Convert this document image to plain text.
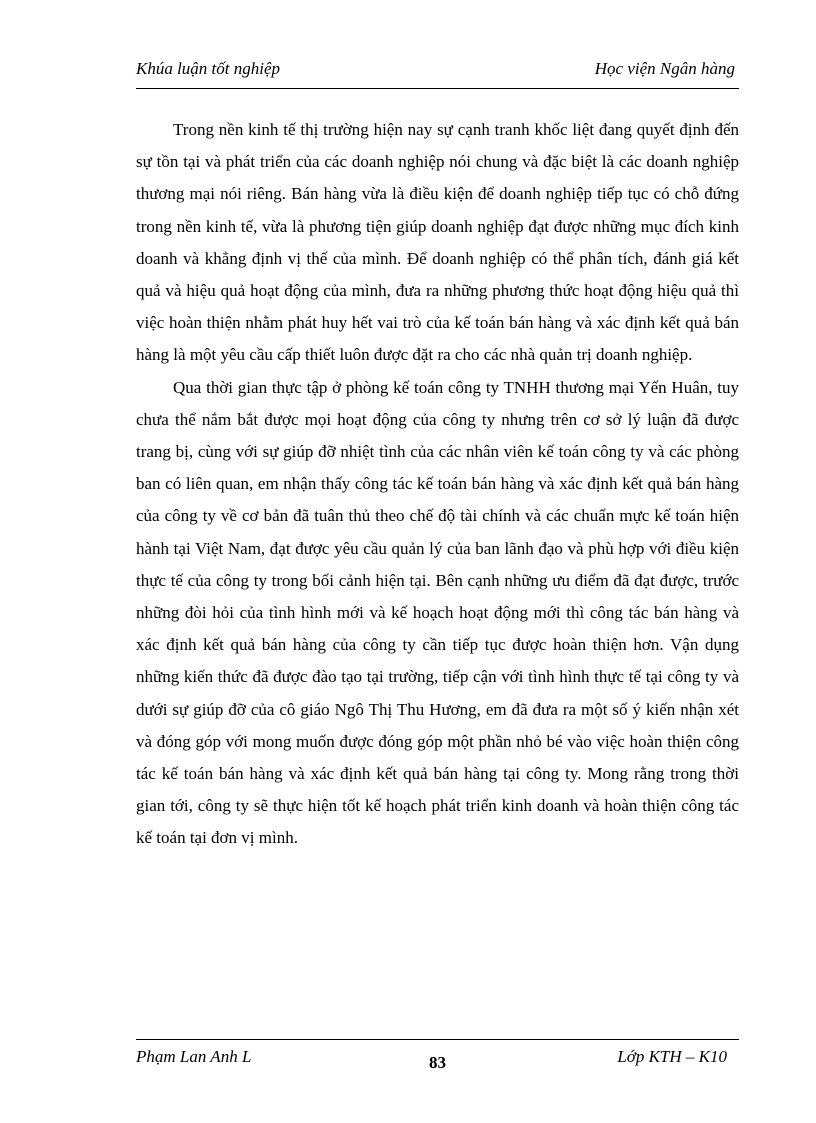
Khúa luận tốt nghiệp	Học viện Ngân hàng

Trong nền kinh tế thị trường hiện nay sự cạnh tranh khốc liệt đang quyết định đến sự tồn tại và phát triển của các doanh nghiệp nói chung và đặc biệt là các doanh nghiệp thương mại nói riêng. Bán hàng vừa là điều kiện để doanh nghiệp tiếp tục có chỗ đứng trong nền kinh tế, vừa là phương tiện giúp doanh nghiệp đạt được những mục đích kinh doanh và khẳng định vị thế của mình. Để doanh nghiệp có thể phân tích, đánh giá kết quả và hiệu quả hoạt động của mình, đưa ra những phương thức hoạt động hiệu quả thì việc hoàn thiện nhằm phát huy hết vai trò của kế toán bán hàng và xác định kết quả bán hàng là một yêu cầu cấp thiết luôn được đặt ra cho các nhà quản trị doanh nghiệp.

Qua thời gian thực tập ở phòng kế toán công ty TNHH thương mại Yến Huân, tuy chưa thể nắm bắt được mọi hoạt động của công ty nhưng trên cơ sở lý luận đã được trang bị, cùng với sự giúp đỡ nhiệt tình của các nhân viên kế toán công ty và các phòng ban có liên quan, em nhận thấy công tác kế toán bán hàng và xác định kết quả bán hàng của công ty về cơ bản đã tuân thủ theo chế độ tài chính và các chuẩn mực kế toán hiện hành tại Việt Nam, đạt được yêu cầu quản lý của ban lãnh đạo và phù hợp với điều kiện thực tế của công ty trong bối cảnh hiện tại. Bên cạnh những ưu điểm đã đạt được, trước những đòi hỏi của tình hình mới và kế hoạch hoạt động mới thì công tác bán hàng và xác định kết quả bán hàng của công ty cần tiếp tục được hoàn thiện hơn. Vận dụng những kiến thức đã được đào tạo tại trường, tiếp cận với tình hình thực tế tại công ty và dưới sự giúp đỡ của cô giáo Ngô Thị Thu Hương, em đã đưa ra một số ý kiến nhận xét và đóng góp với mong muốn được đóng góp một phần nhỏ bé vào việc hoàn thiện công tác kế toán bán hàng và xác định kết quả bán hàng tại công ty. Mong rằng trong thời gian tới, công ty sẽ thực hiện tốt kế hoạch phát triển kinh doanh và hoàn thiện công tác kế toán tại đơn vị mình.

Phạm Lan Anh L	83	Lớp KTH – K10
